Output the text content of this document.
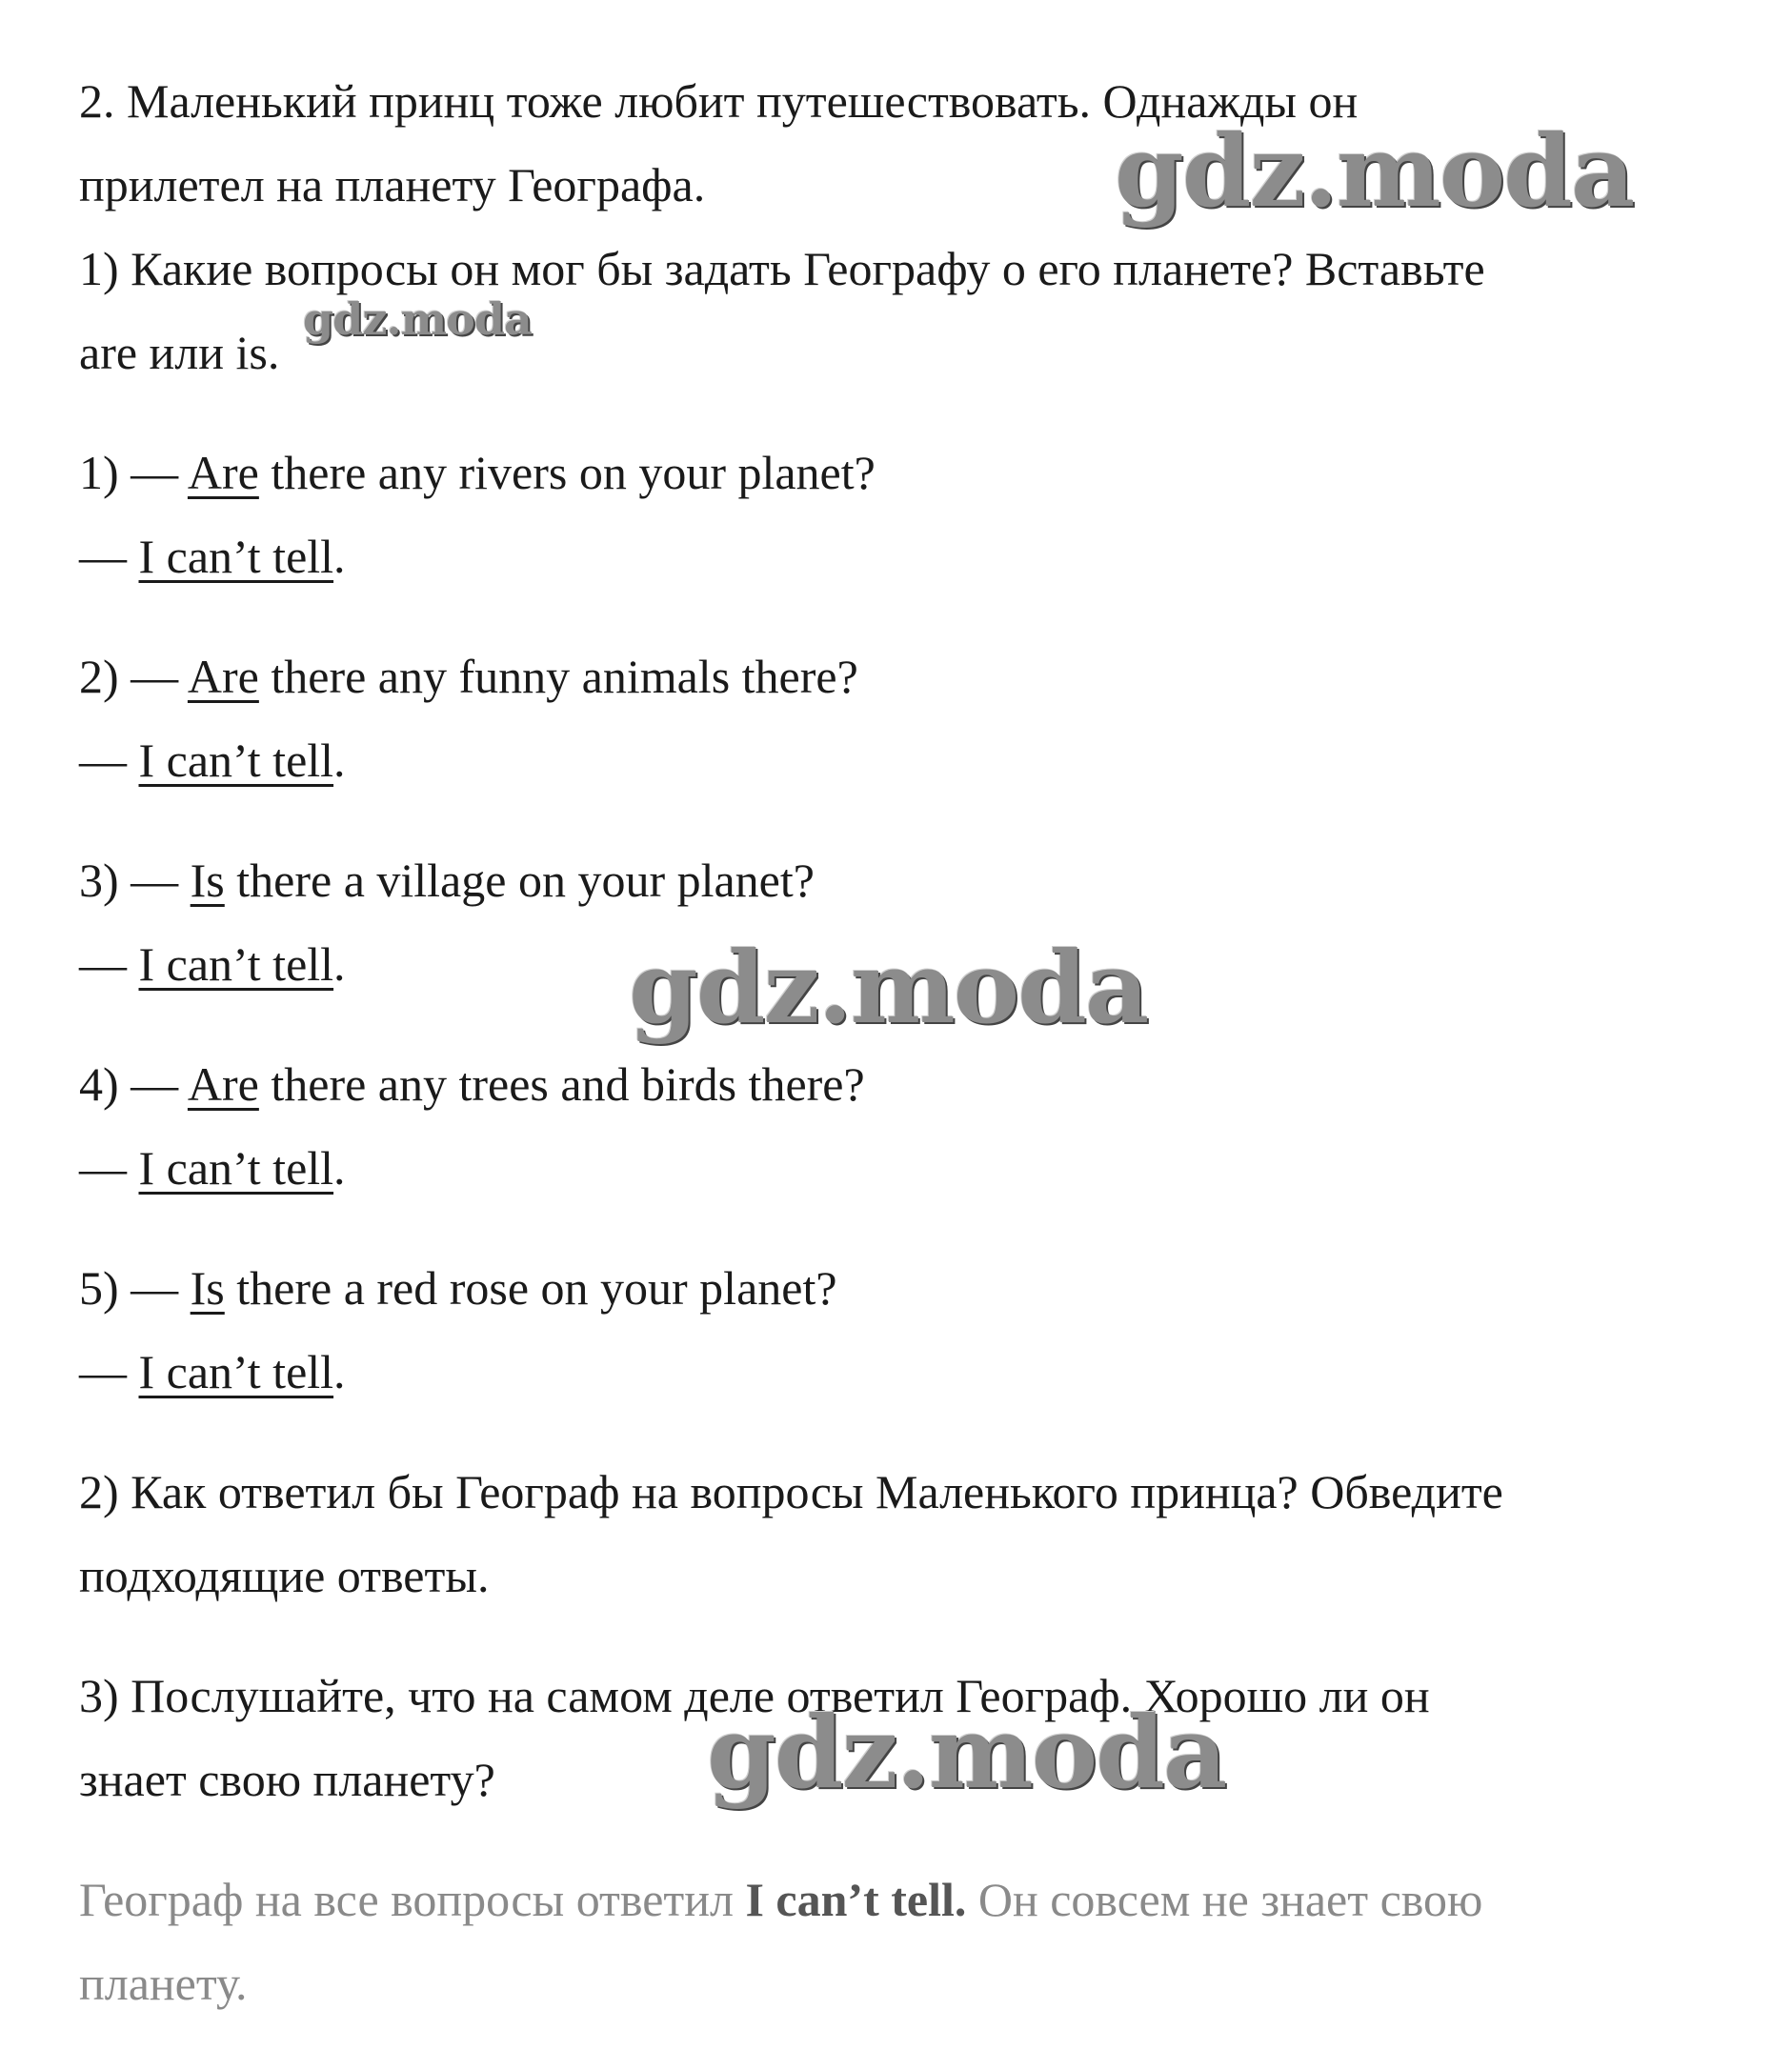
2. Маленький принц тоже любит путешествовать. Однажды он
прилетел на планету Географа.
1) Какие вопросы он мог бы задать Географу о его планете? Вставьте
are или is.
1) — Are there any rivers on your planet?
— I can’t tell.
2) — Are there any funny animals there?
— I can’t tell.
3) — Is there a village on your planet?
— I can’t tell.
4) — Are there any trees and birds there?
— I can’t tell.
5) — Is there a red rose on your planet?
— I can’t tell.
2) Как ответил бы Географ на вопросы Маленького принца? Обведите
подходящие ответы.
3) Послушайте, что на самом деле ответил Географ. Хорошо ли он
знает свою планету?
Географ на все вопросы ответил I can’t tell. Он совсем не знает свою
планету.
gdz.moda
gdz.moda
gdz.moda
gdz.moda
